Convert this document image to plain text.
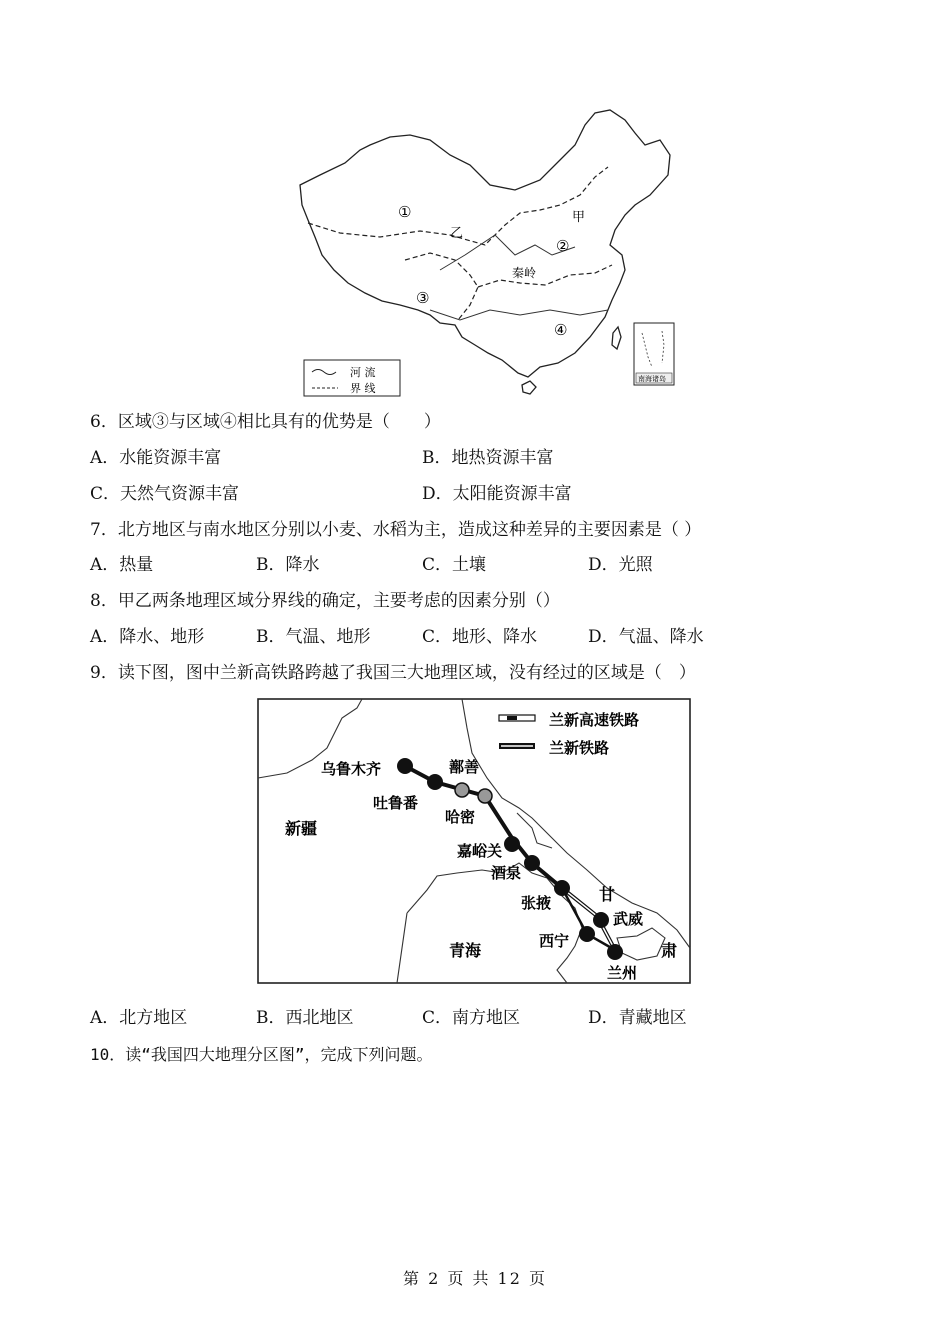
①
②
③
④
乙
甲
秦岭
河 流
界 线
南海诸岛
6．区域③与区域④相比具有的优势是（　　）
A．水能资源丰富	B．地热资源丰富
C．天然气资源丰富	D．太阳能资源丰富
7．北方地区与南水地区分别以小麦、水稻为主，造成这种差异的主要因素是（ ）
A．热量	B．降水	C．土壤	D．光照
8．甲乙两条地理区域分界线的确定，主要考虑的因素分别（）
A．降水、地形	B．气温、地形	C．地形、降水	D．气温、降水
9．读下图，图中兰新高铁路跨越了我国三大地理区域，没有经过的区域是（　）
兰新高速铁路
兰新铁路
新疆
青海
甘
肃
乌鲁木齐	鄯善
吐鲁番
哈密
嘉峪关
酒泉
张掖
武威
西宁
兰州
A．北方地区	B．西北地区	C．南方地区	D．青藏地区
10．读“我国四大地理分区图”，完成下列问题。
第 2 页 共 12 页
